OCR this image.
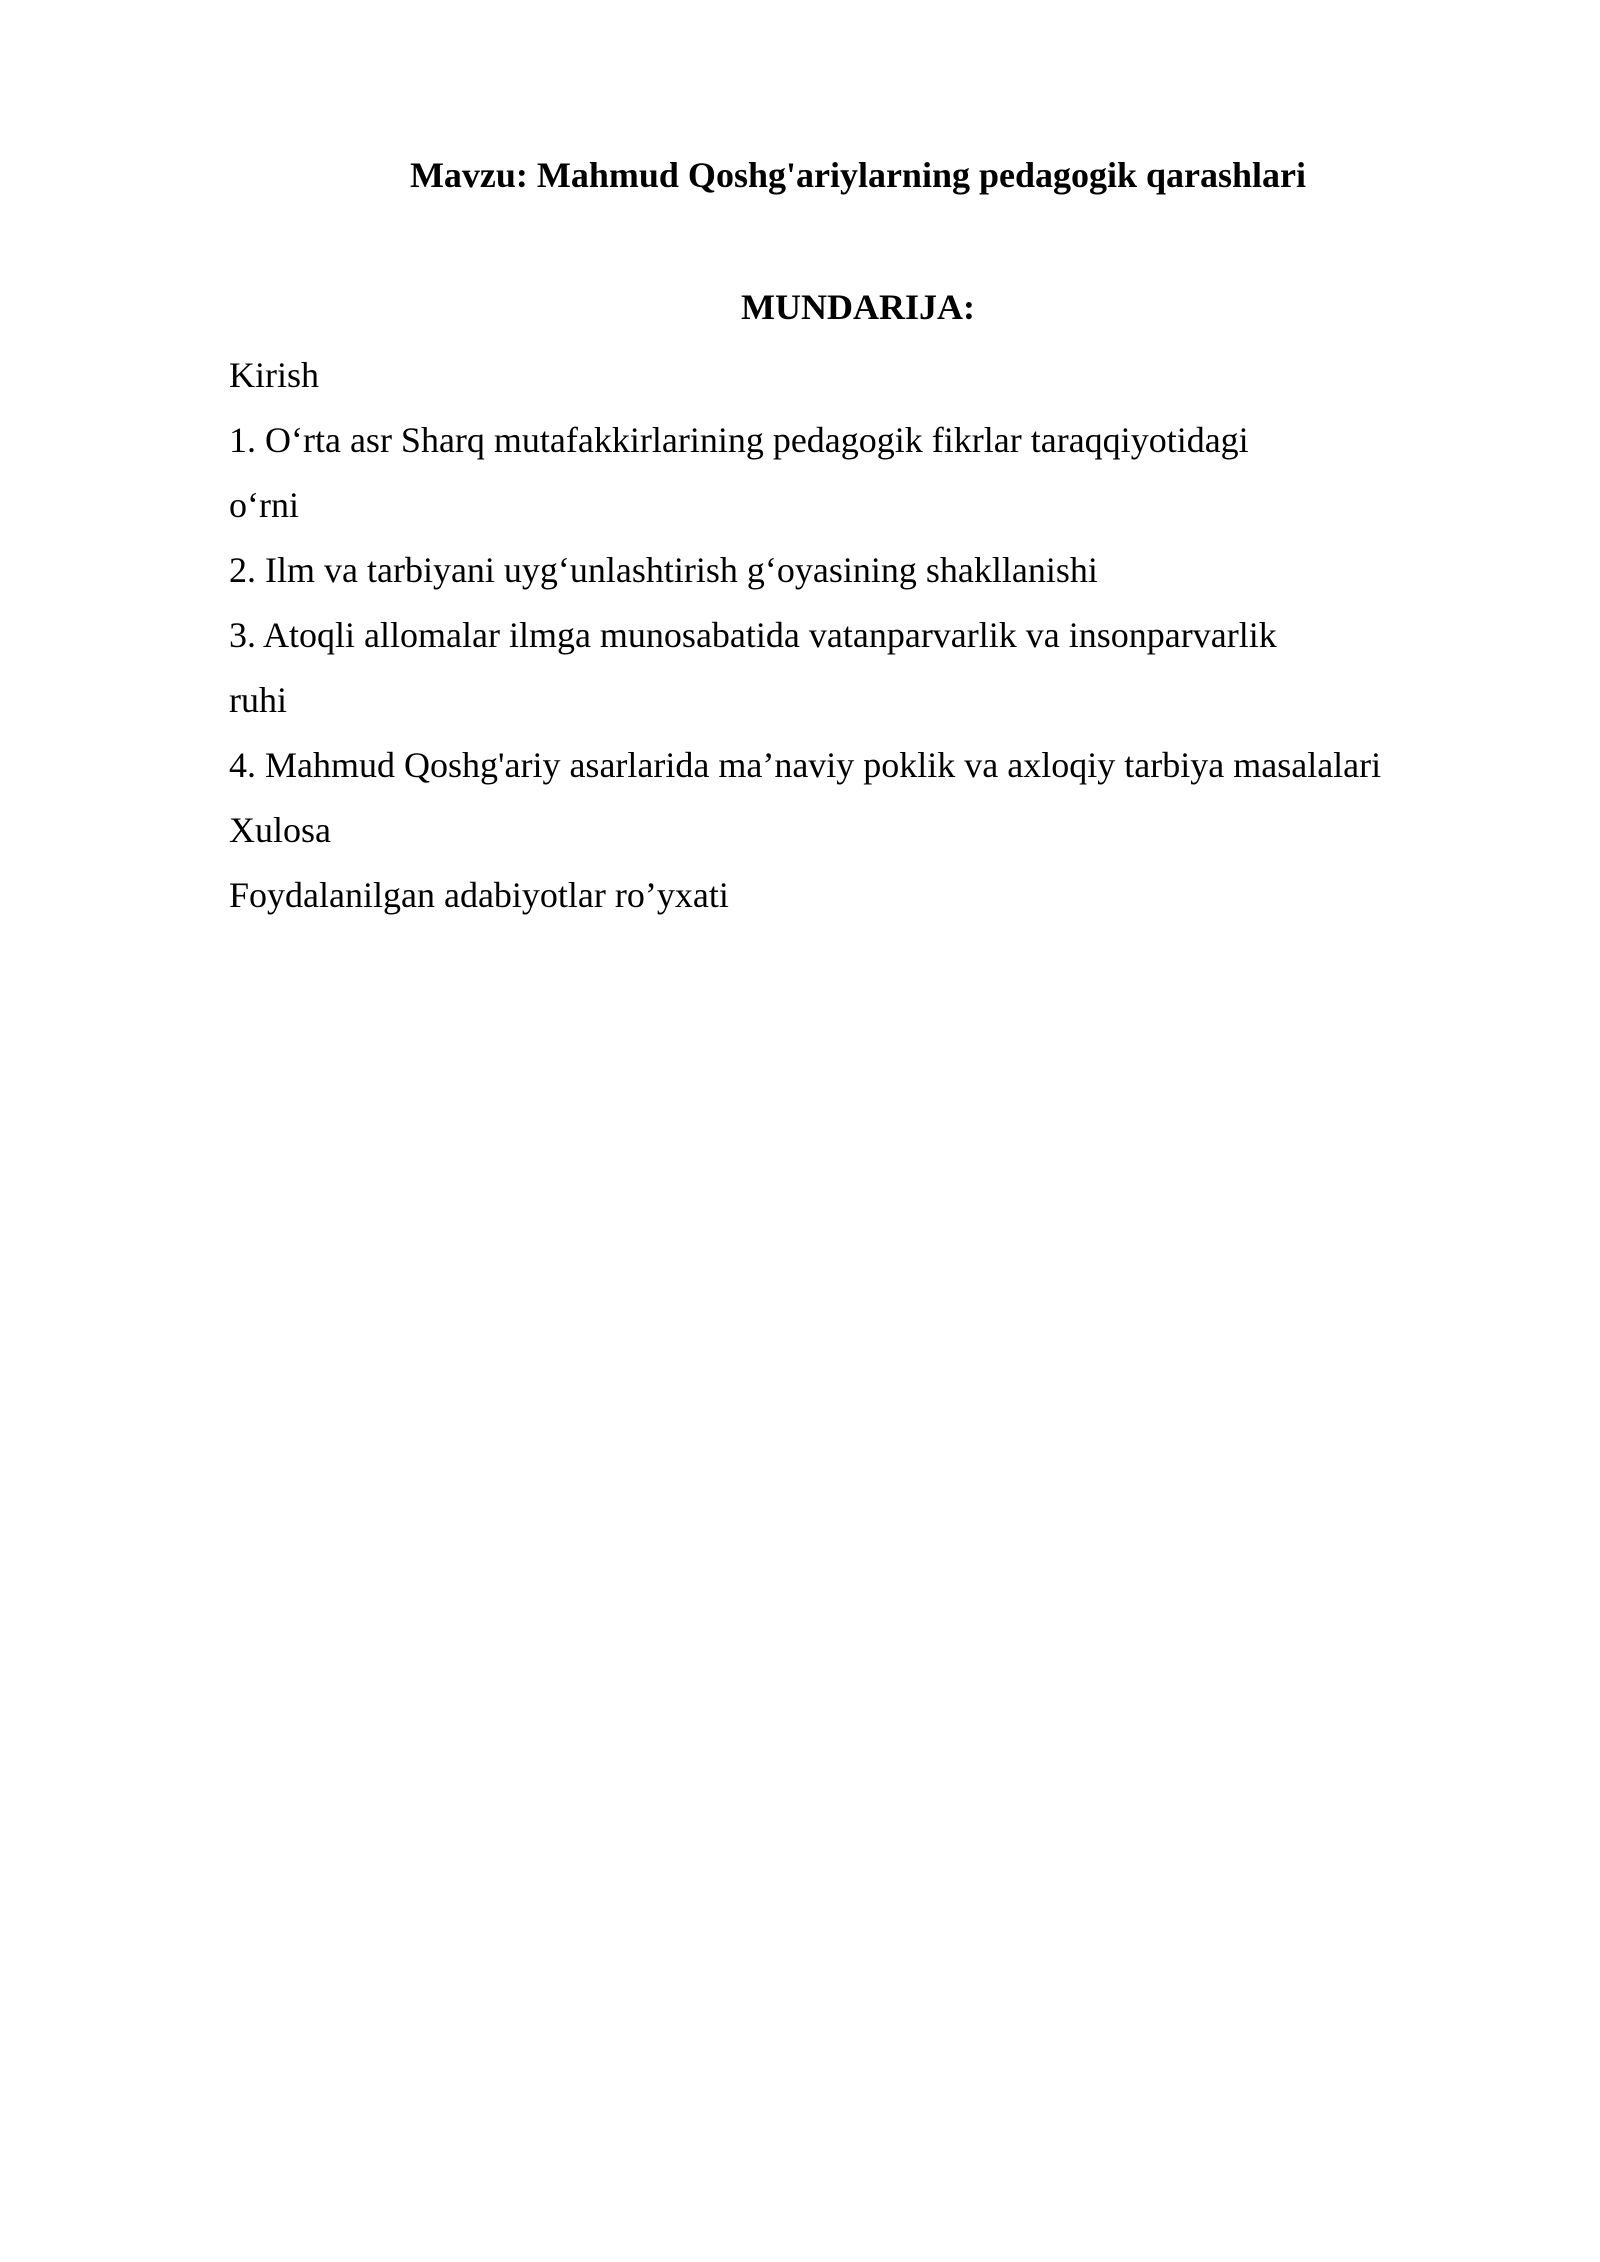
Mavzu: Mahmud Qoshg'ariylarning pedagogik qarashlari
MUNDARIJA:
Kirish
1. O‘rta asr Sharq mutafakkirlarining pedagogik fikrlar taraqqiyotidagi
o‘rni
2. Ilm va tarbiyani uyg‘unlashtirish g‘oyasining shakllanishi
3. Atoqli allomalar ilmga munosabatida vatanparvarlik va insonparvarlik
ruhi
4. Mahmud Qoshg'ariy asarlarida ma’naviy poklik va axloqiy tarbiya masalalari
Xulosa
Foydalanilgan adabiyotlar ro’yxati
